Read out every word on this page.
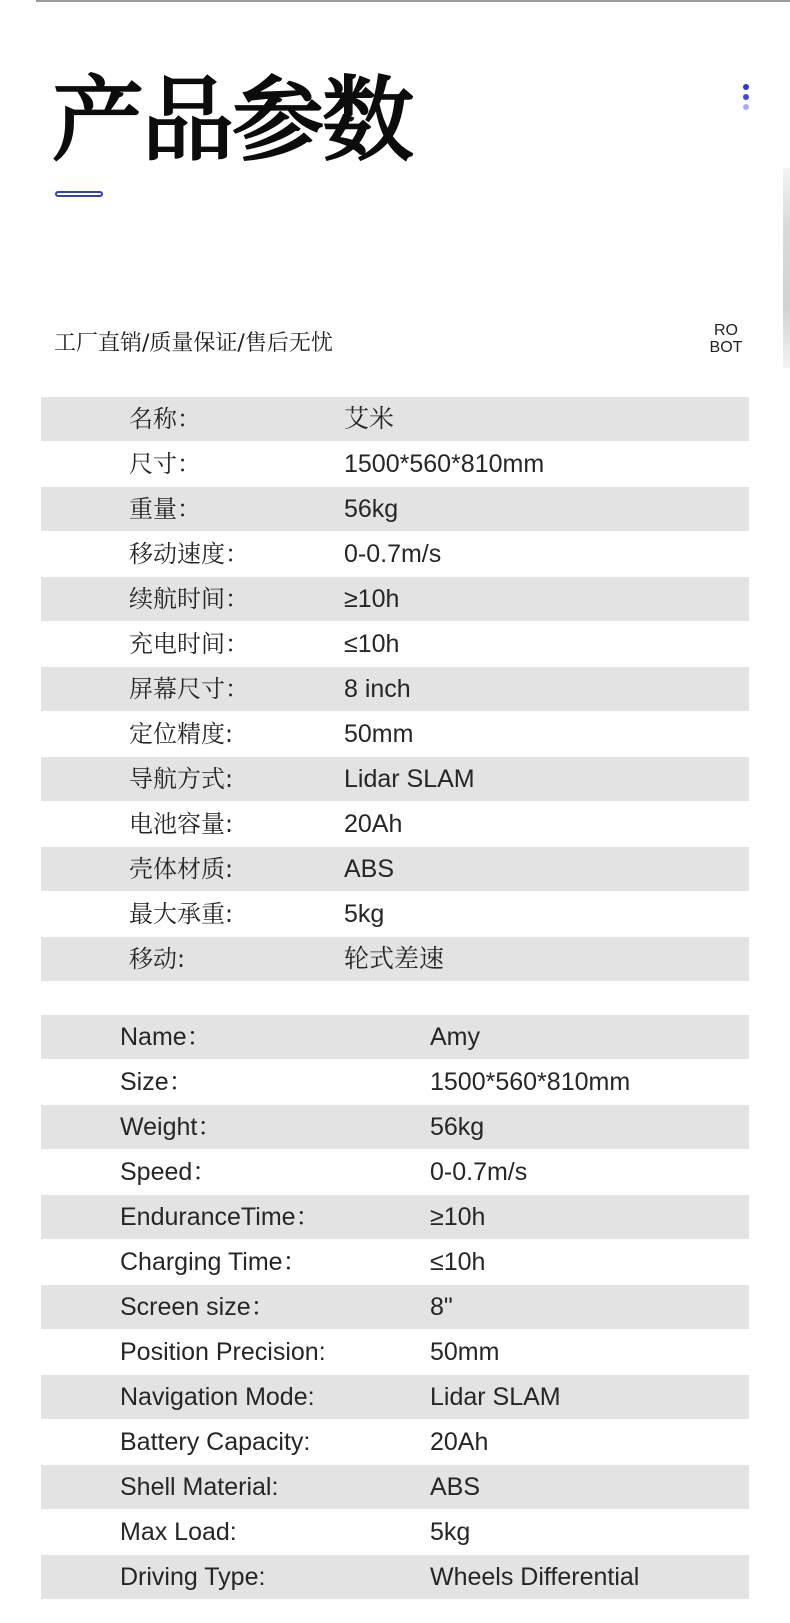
产品参数
工厂直销/质量保证/售后无忧
RO
BOT
名称：	艾米
尺寸：	1500*560*810mm
重量：	56kg
移动速度：	0-0.7m/s
续航时间：	≥10h
充电时间：	≤10h
屏幕尺寸：	8 inch
定位精度:	50mm
导航方式:	Lidar SLAM
电池容量:	20Ah
壳体材质:	ABS
最大承重:	5kg
移动:	轮式差速
Name：	Amy
Size：	1500*560*810mm
Weight：	56kg
Speed：	0-0.7m/s
EnduranceTime：	≥10h
Charging Time：	≤10h
Screen size：	8"
Position Precision:	50mm
Navigation Mode:	Lidar SLAM
Battery Capacity:	20Ah
Shell Material:	ABS
Max Load:	5kg
Driving Type:	Wheels Differential
